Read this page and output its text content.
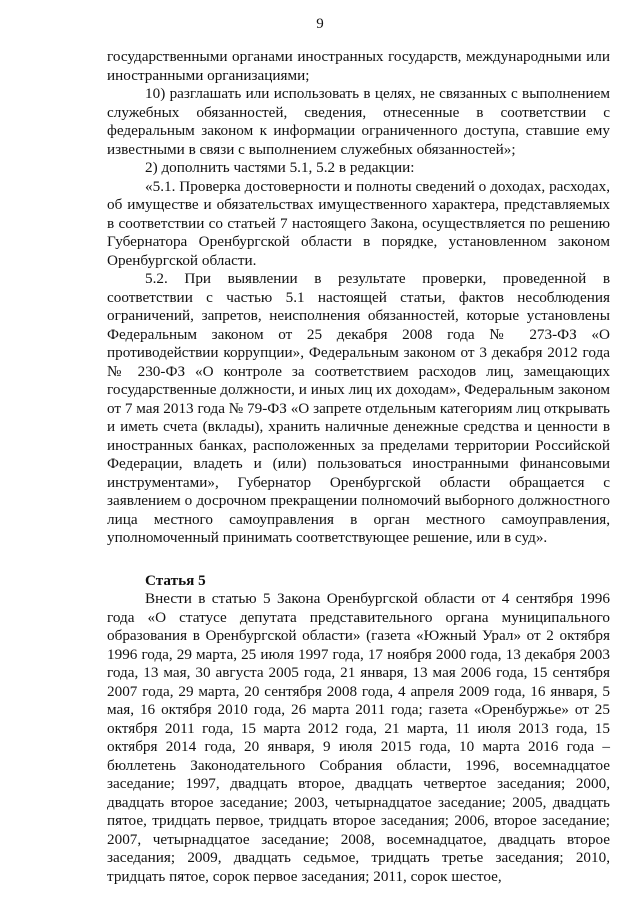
9

государственными органами иностранных государств, международными или иностранными организациями;

10) разглашать или использовать в целях, не связанных с выполнением служебных обязанностей, сведения, отнесенные в соответствии с федеральным законом к информации ограниченного доступа, ставшие ему известными в связи с выполнением служебных обязанностей»;

2) дополнить частями 5.1, 5.2 в редакции:

«5.1. Проверка достоверности и полноты сведений о доходах, расходах, об имуществе и обязательствах имущественного характера, представляемых в соответствии со статьей 7 настоящего Закона, осуществляется по решению Губернатора Оренбургской области в порядке, установленном законом Оренбургской области.

5.2. При выявлении в результате проверки, проведенной в соответствии с частью 5.1 настоящей статьи, фактов несоблюдения ограничений, запретов, неисполнения обязанностей, которые установлены Федеральным законом от 25 декабря 2008 года № 273-ФЗ «О противодействии коррупции», Федеральным законом от 3 декабря 2012 года № 230-ФЗ «О контроле за соответствием расходов лиц, замещающих государственные должности, и иных лиц их доходам», Федеральным законом от 7 мая 2013 года № 79-ФЗ «О запрете отдельным категориям лиц открывать и иметь счета (вклады), хранить наличные денежные средства и ценности в иностранных банках, расположенных за пределами территории Российской Федерации, владеть и (или) пользоваться иностранными финансовыми инструментами», Губернатор Оренбургской области обращается с заявлением о досрочном прекращении полномочий выборного должностного лица местного самоуправления в орган местного самоуправления, уполномоченный принимать соответствующее решение, или в суд».

Статья 5

Внести в статью 5 Закона Оренбургской области от 4 сентября 1996 года «О статусе депутата представительного органа муниципального образования в Оренбургской области» (газета «Южный Урал» от 2 октября 1996 года, 29 марта, 25 июля 1997 года, 17 ноября 2000 года, 13 декабря 2003 года, 13 мая, 30 августа 2005 года, 21 января, 13 мая 2006 года, 15 сентября 2007 года, 29 марта, 20 сентября 2008 года, 4 апреля 2009 года, 16 января, 5 мая, 16 октября 2010 года, 26 марта 2011 года; газета «Оренбуржье» от 25 октября 2011 года, 15 марта 2012 года, 21 марта, 11 июля 2013 года, 15 октября 2014 года, 20 января, 9 июля 2015 года, 10 марта 2016 года – бюллетень Законодательного Собрания области, 1996, восемнадцатое заседание; 1997, двадцать второе, двадцать четвертое заседания; 2000, двадцать второе заседание; 2003, четырнадцатое заседание; 2005, двадцать пятое, тридцать первое, тридцать второе заседания; 2006, второе заседание; 2007, четырнадцатое заседание; 2008, восемнадцатое, двадцать второе заседания; 2009, двадцать седьмое, тридцать третье заседания; 2010, тридцать пятое, сорок первое заседания; 2011, сорок шестое,
